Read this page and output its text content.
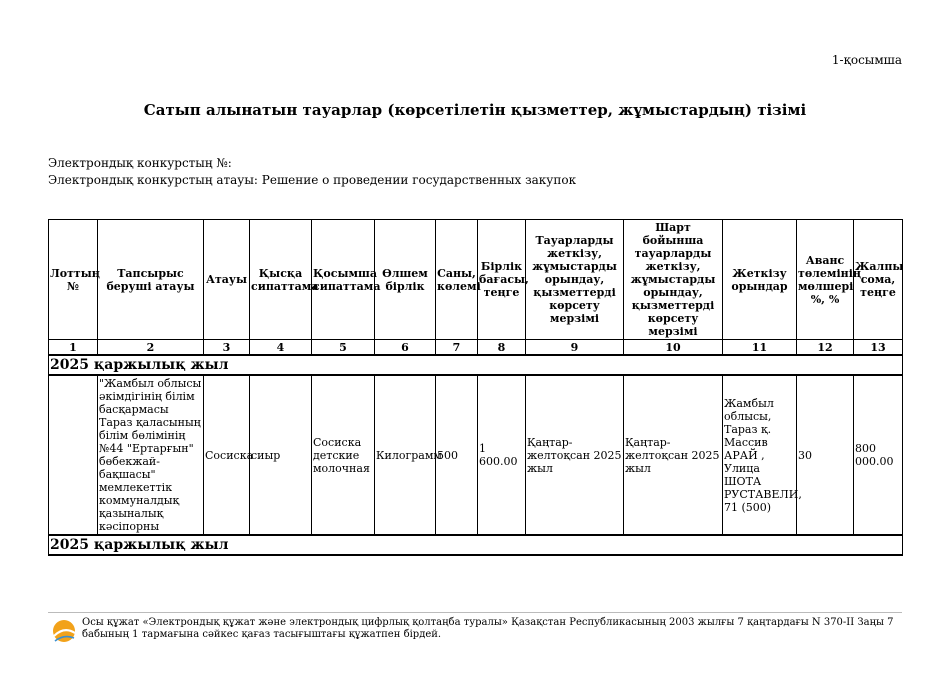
1-қосымша
Сатып алынатын тауарлар (көрсетілетін қызметтер, жұмыстардың) тізімі
Электрондық конкурстың №:
Электрондық конкурстың атауы: Решение о проведении государственных закупок
Лоттың №	Тапсырыс беруші атауы	Атауы	Қысқа сипаттама	Қосымша сипаттама	Өлшем бірлік	Саны, көлемі	Бірлік бағасы, теңге	Тауарларды жеткізу, жұмыстарды орындау, қызметтерді көрсету мерзімі	Шарт бойынша тауарларды жеткізу, жұмыстарды орындау, қызметтерді көрсету мерзімі	Жеткізу орындар	Аванс төлемінің мөлшері %, %	Жалпы сома, теңге
1	2	3	4	5	6	7	8	9	10	11	12	13
2025 қаржылық жыл												
	"Жамбыл облысы әкімдігінің білім басқармасы Тараз қаласының білім бөлімінің №44 "Ертарғын" бөбекжай-бақшасы" мемлекеттік коммуналдық қазыналық кәсіпорны	Сосиска	сиыр	Сосиска детские молочная	Килограмм	500	1 600.00	Қаңтар-желтоқсан 2025 жыл	Қаңтар-желтоқсан 2025 жыл	Жамбыл облысы, Тараз қ. Массив АРАЙ , Улица ШОТА РУСТАВЕЛИ, 71 (500)	30	800 000.00
2025 қаржылық жыл												
Осы құжат «Электрондық құжат және электрондық цифрлық қолтаңба туралы» Қазақстан Республикасының 2003 жылғы 7 қаңтардағы N 370-II Заңы 7 бабының 1 тармағына сәйкес қағаз тасығыштағы құжатпен бірдей.
